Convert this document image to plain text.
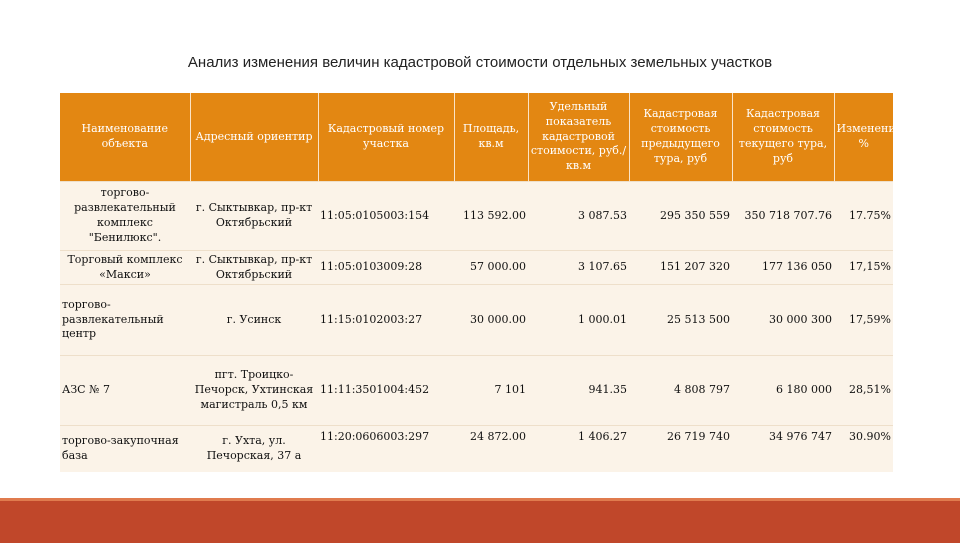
Анализ изменения величин кадастровой стоимости отдельных земельных участков
Наименование объекта	Адресный ориентир	Кадастровый номер участка	Площадь, кв.м	Удельный показатель кадастровой стоимости, руб./кв.м	Кадастровая стоимость предыдущего тура, руб	Кадастровая стоимость текущего тура, руб	Изменение, %
торгово-развлекательный комплекс "Бенилюкс".	г. Сыктывкар, пр-кт Октябрьский	11:05:0105003:154	113 592.00	3 087.53	295 350 559	350 718 707.76	17.75%
Торговый комплекс «Макси»	г. Сыктывкар, пр-кт Октябрьский	11:05:0103009:28	57 000.00	3 107.65	151 207 320	177 136 050	17,15%
торгово-развлекательный центр	г. Усинск	11:15:0102003:27	30 000.00	1 000.01	25 513 500	30 000 300	17,59%
АЗС № 7	пгт. Троицко-Печорск, Ухтинская магистраль 0,5 км	11:11:3501004:452	7 101	941.35	4 808 797	6 180 000	28,51%
торгово-закупочная база	г. Ухта, ул. Печорская, 37 а	11:20:0606003:297	24 872.00	1 406.27	26 719 740	34 976 747	30.90%
